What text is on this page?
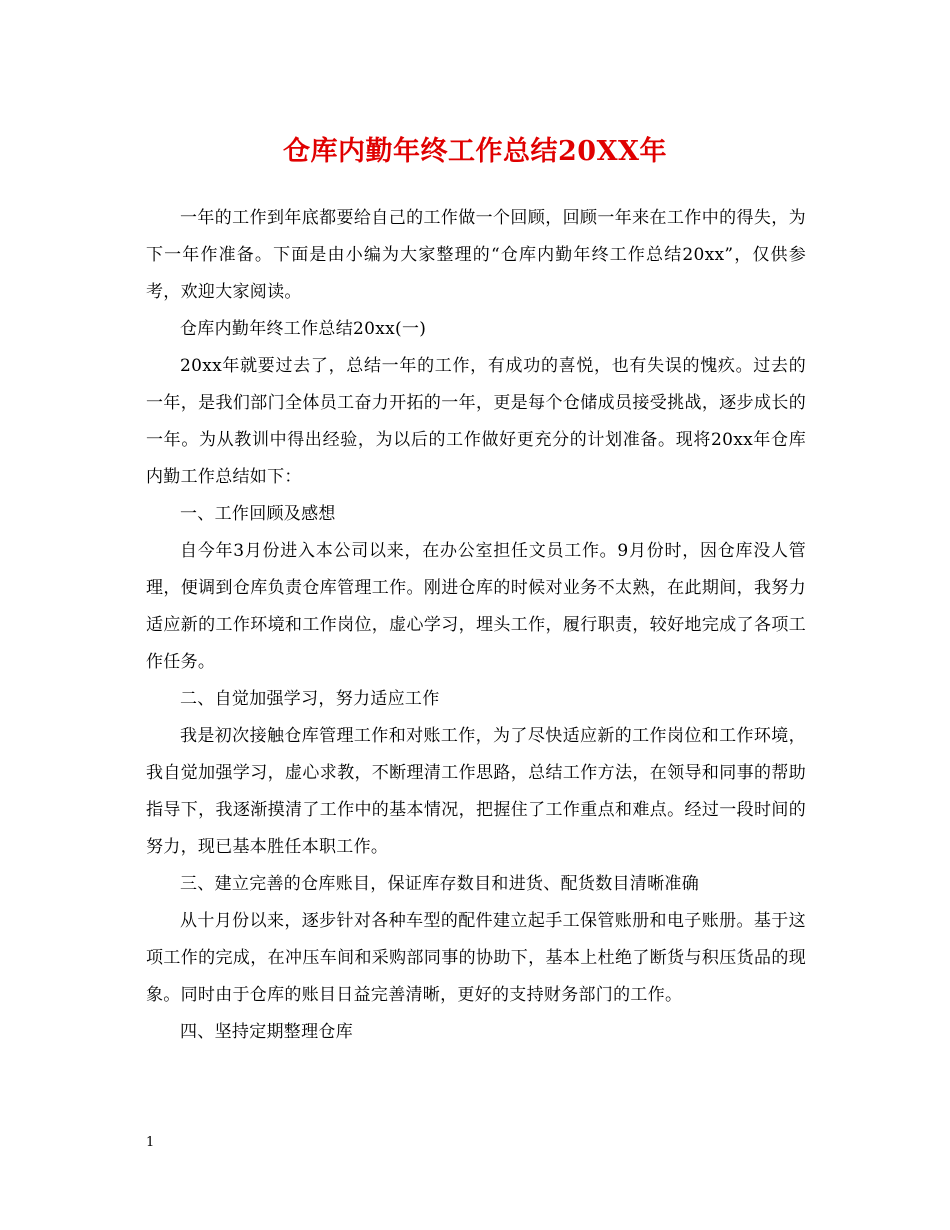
仓库内勤年终工作总结20XX年

一年的工作到年底都要给自己的工作做一个回顾，回顾一年来在工作中的得失，为下一年作准备。下面是由小编为大家整理的“仓库内勤年终工作总结20xx”，仅供参考，欢迎大家阅读。

仓库内勤年终工作总结20xx(一)

20xx年就要过去了，总结一年的工作，有成功的喜悦，也有失误的愧疚。过去的一年，是我们部门全体员工奋力开拓的一年，更是每个仓储成员接受挑战，逐步成长的一年。为从教训中得出经验，为以后的工作做好更充分的计划准备。现将20xx年仓库内勤工作总结如下：

一、工作回顾及感想

自今年3月份进入本公司以来，在办公室担任文员工作。9月份时，因仓库没人管理，便调到仓库负责仓库管理工作。刚进仓库的时候对业务不太熟，在此期间，我努力适应新的工作环境和工作岗位，虚心学习，埋头工作，履行职责，较好地完成了各项工作任务。

二、自觉加强学习，努力适应工作

我是初次接触仓库管理工作和对账工作，为了尽快适应新的工作岗位和工作环境，我自觉加强学习，虚心求教，不断理清工作思路，总结工作方法，在领导和同事的帮助指导下，我逐渐摸清了工作中的基本情况，把握住了工作重点和难点。经过一段时间的努力，现已基本胜任本职工作。

三、建立完善的仓库账目，保证库存数目和进货、配货数目清晰准确

从十月份以来，逐步针对各种车型的配件建立起手工保管账册和电子账册。基于这项工作的完成，在冲压车间和采购部同事的协助下，基本上杜绝了断货与积压货品的现象。同时由于仓库的账目日益完善清晰，更好的支持财务部门的工作。

四、坚持定期整理仓库

1
